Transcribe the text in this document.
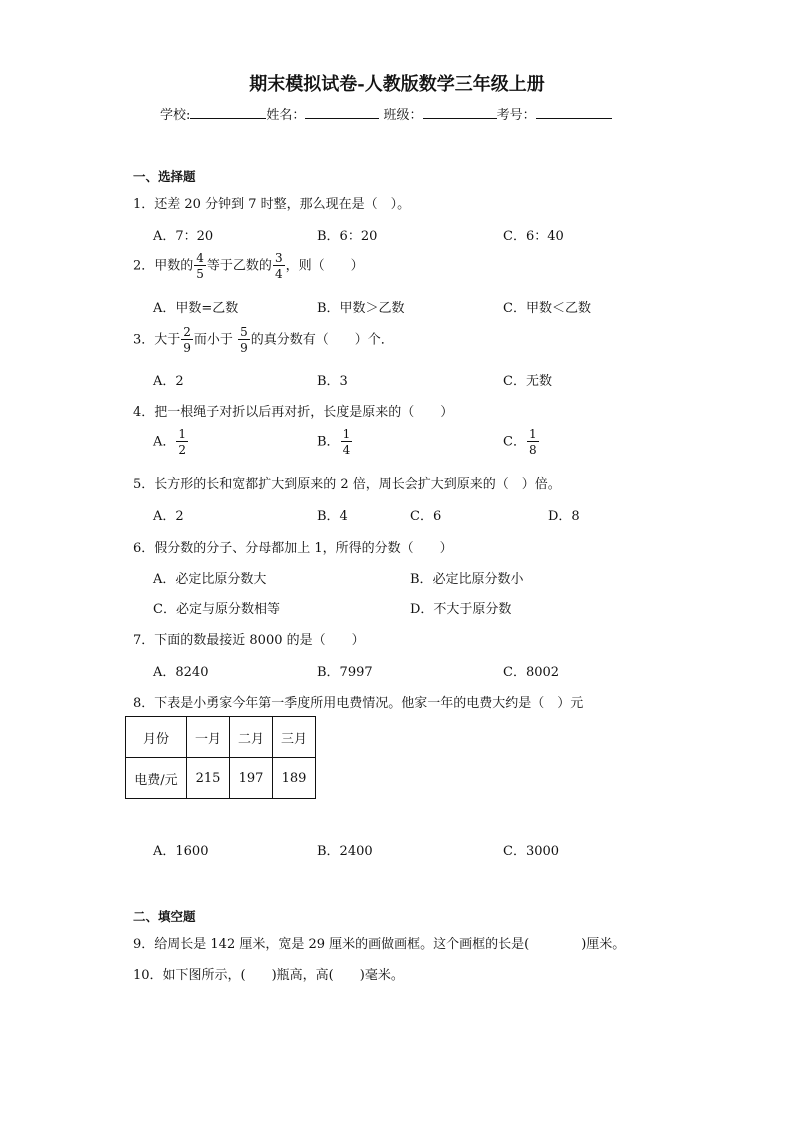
期末模拟试卷-人教版数学三年级上册
学校:	姓名：	班级：	考号：
一、选择题
1．还差 20 分钟到 7 时整，那么现在是（　）。
A．7：20	B．6：20	C．6：40
2．甲数的 $\frac{4}{5}$ 等于乙数的 $\frac{3}{4}$ ，则（　　）
A．甲数=乙数	B．甲数＞乙数	C．甲数＜乙数
3．大于 $\frac{2}{9}$ 而小于 $\frac{5}{9}$ 的真分数有（　　）个．
A．2	B．3	C．无数
4．把一根绳子对折以后再对折，长度是原来的（　　）
A． $\frac{1}{2}$	B． $\frac{1}{4}$	C． $\frac{1}{8}$
5．长方形的长和宽都扩大到原来的 2 倍，周长会扩大到原来的（　）倍。
A．2	B．4	C．6	D．8
6．假分数的分子、分母都加上 1，所得的分数（　　）
A．必定比原分数大	B．必定比原分数小
C．必定与原分数相等	D．不大于原分数
7．下面的数最接近 8000 的是（　　）
A．8240	B．7997	C．8002
8．下表是小勇家今年第一季度所用电费情况。他家一年的电费大约是（　）元
月份	一月	二月	三月
电费/元	215	197	189
A．1600	B．2400	C．3000
二、填空题
9．给周长是 142 厘米，宽是 29 厘米的画做画框。这个画框的长是(　　　　)厘米。
10．如下图所示，(　　)瓶高，高(　　)毫米。
